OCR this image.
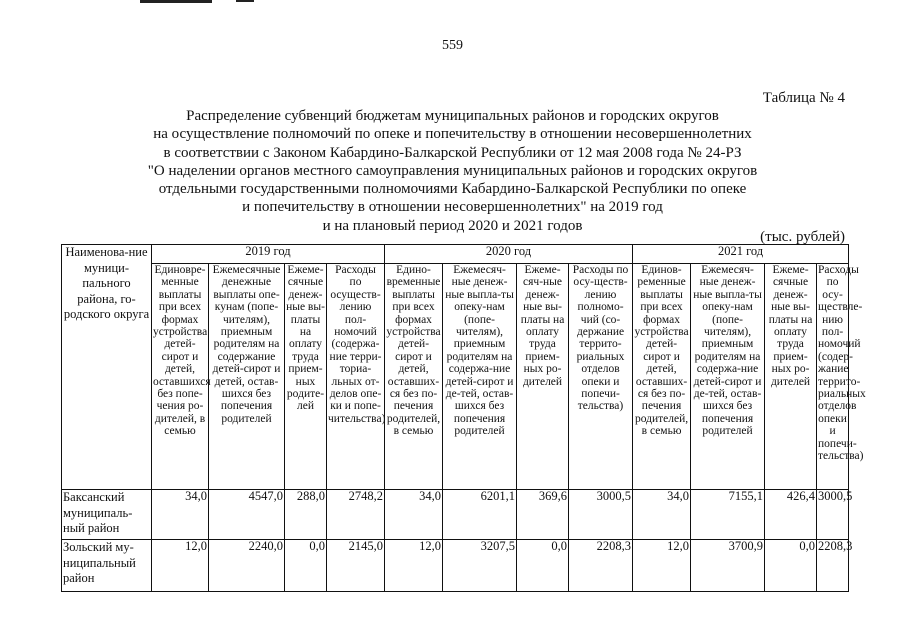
559
Таблица № 4
Распределение субвенций бюджетам муниципальных районов и городских округов
на осуществление полномочий по опеке и попечительству в отношении несовершеннолетних
в соответствии с Законом Кабардино-Балкарской Республики от 12 мая 2008 года № 24-РЗ
"О наделении органов местного самоуправления муниципальных районов и городских округов
отдельными государственными полномочиями Кабардино-Балкарской Республики по опеке
и попечительству в отношении несовершеннолетних" на 2019 год
и на плановый период 2020 и 2021 годов
(тыс. рублей)
Наименова-ние муници-пального района, го-родского округа	2019 год				2020 год				2021 год			
	Единовре-менные выплаты при всех формах устройства детей-сирот и детей, оставшихся без попе-чения ро-дителей, в семью	Ежемесячные денежные выплаты опе-кунам (попе-чителям), приемным родителям на содержание детей-сирот и детей, остав-шихся без попечения родителей	Ежеме-сячные денеж-ные вы-платы на оплату труда прием-ных родите-лей	Расходы по осуществ-лению пол-номочий (содержа-ние терри-ториа-льных от-делов опе-ки и попе-чительства)	Едино-временные выплаты при всех формах устройства детей-сирот и детей, оставших-ся без по-печения родителей, в семью	Ежемесяч-ные денеж-ные выпла-ты опеку-нам (попе-чителям), приемным родителям на содержа-ние детей-сирот и де-тей, остав-шихся без попечения родителей	Ежеме-сяч-ные денеж-ные вы-платы на оплату труда прием-ных ро-дителей	Расходы по осу-ществ-лению полномо-чий (со-держание террито-риальных отделов опеки и попечи-тельства)	Единов-ременные выплаты при всех формах устройства детей-сирот и детей, оставших-ся без по-печения родителей, в семью	Ежемесяч-ные денеж-ные выпла-ты опеку-нам (попе-чителям), приемным родителям на содержа-ние детей-сирот и де-тей, остав-шихся без попечения родителей	Ежеме-сячные денеж-ные вы-платы на оплату труда прием-ных ро-дителей	Расходы по осу-ществле-нию пол-номочий (содер-жание террито-риальных отделов опеки и попечи-тельства)
Баксанский муниципаль-ный район	34,0	4547,0	288,0	2748,2	34,0	6201,1	369,6	3000,5	34,0	7155,1	426,4	3000,5
Зольский му-ниципальный район	12,0	2240,0	0,0	2145,0	12,0	3207,5	0,0	2208,3	12,0	3700,9	0,0	2208,3
